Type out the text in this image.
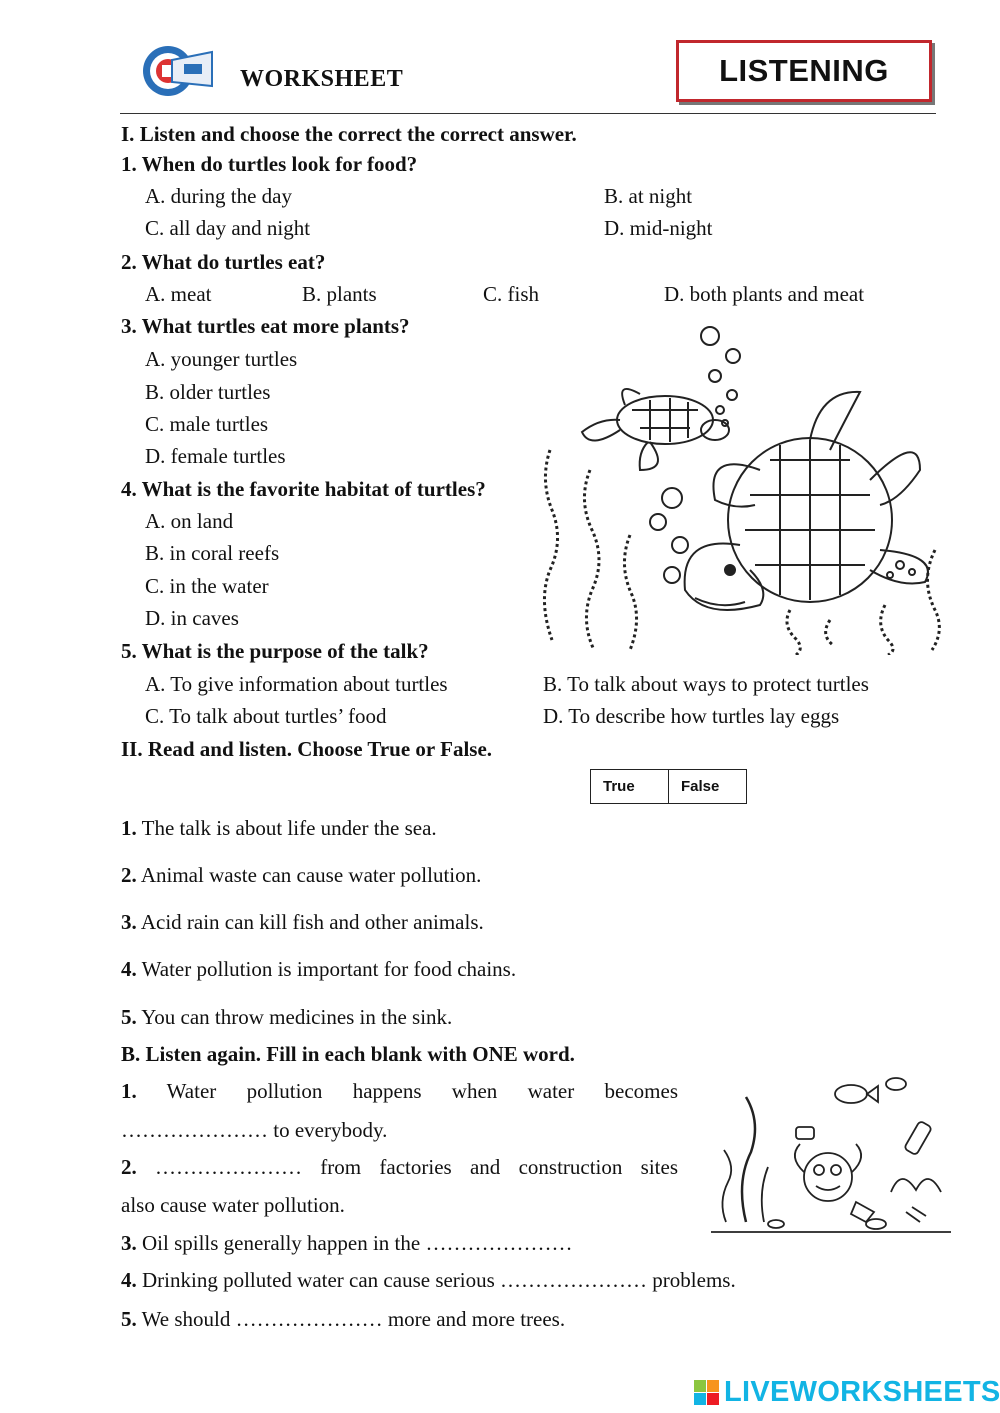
WORKSHEET	LISTENING
I. Listen and choose the correct the correct answer.
1. When do turtles look for food?
A. during the day	B. at night
C. all day and night	D. mid-night
2. What do turtles eat?
A. meat	B. plants	C. fish	D. both plants and meat
3. What turtles eat more plants?
A. younger turtles
B. older turtles
C. male turtles
D. female turtles
4. What is the favorite habitat of turtles?
A. on land
B. in coral reefs
C. in the water
D. in caves
5. What is the purpose of the talk?
A. To give information about turtles	B. To talk about ways to protect turtles
C. To talk about turtles’ food	D. To describe how turtles lay eggs
II. Read and listen. Choose True or False.
True	False
1. The talk is about life under the sea.
2. Animal waste can cause water pollution.
3. Acid rain can kill fish and other animals.
4. Water pollution is important for food chains.
5. You can throw medicines in the sink.
B. Listen again. Fill in each blank with ONE word.
1. Water pollution happens when water becomes
………………… to everybody.
2. ………………… from factories and construction sites
also cause water pollution.
3. Oil spills generally happen in the …………………
4. Drinking polluted water can cause serious ………………… problems.
5. We should ………………… more and more trees.
LIVEWORKSHEETS
